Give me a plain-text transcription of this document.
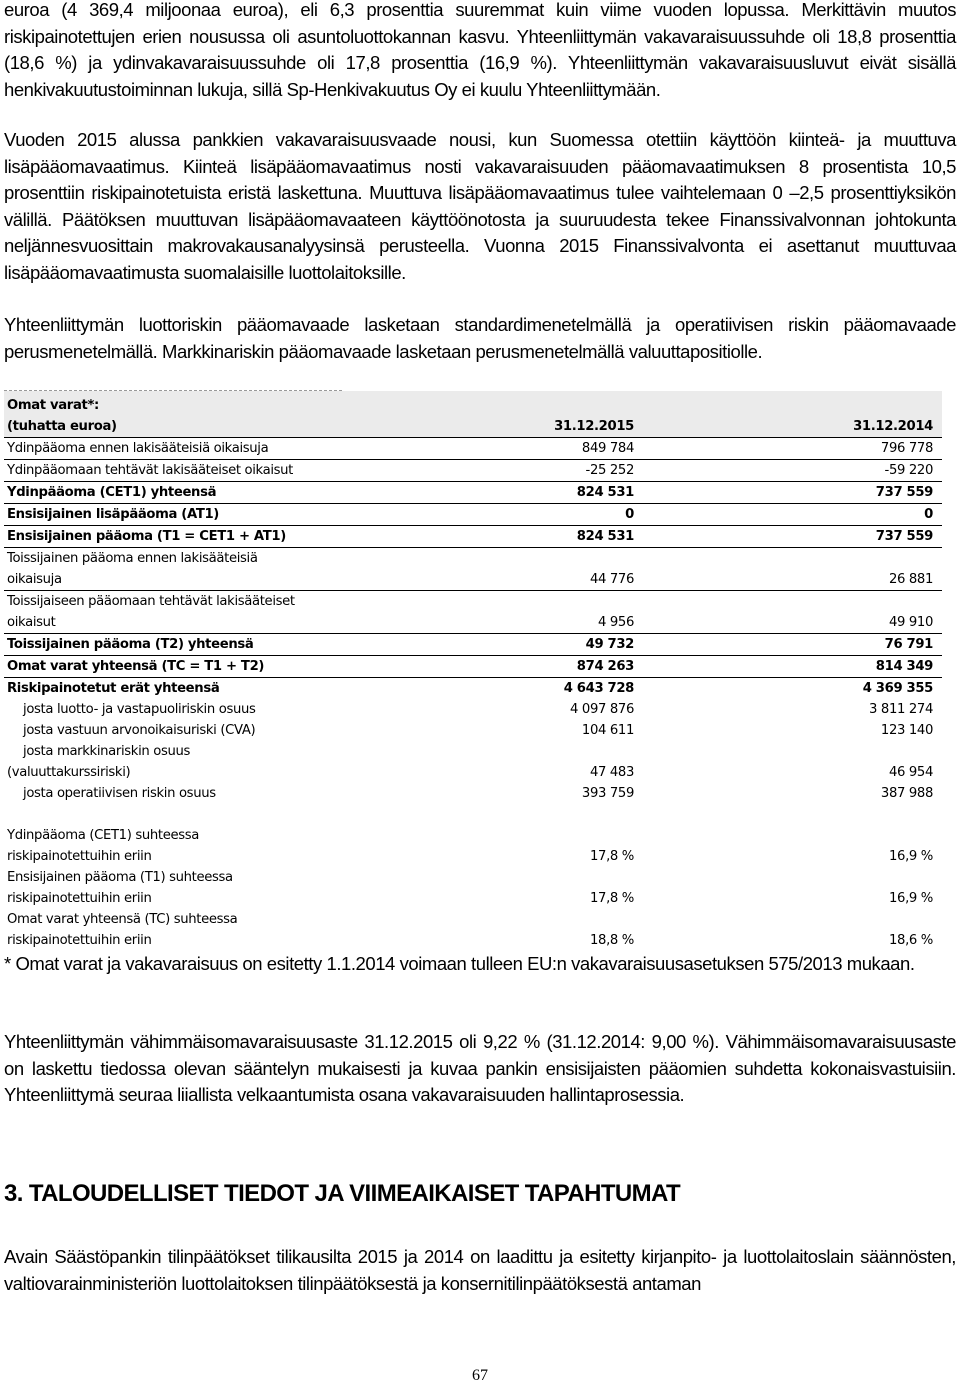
euroa (4 369,4 miljoonaa euroa), eli 6,3 prosenttia suuremmat kuin viime vuoden lopussa. Merkittävin muutos riskipainotettujen erien nousussa oli asuntoluottokannan kasvu. Yhteenliittymän vakavaraisuussuhde oli 18,8 prosenttia (18,6 %) ja ydinvakavaraisuussuhde oli 17,8 prosenttia (16,9 %). Yhteenliittymän vakavaraisuusluvut eivät sisällä henkivakuutustoiminnan lukuja, sillä Sp-Henkivakuutus Oy ei kuulu Yhteenliittymään.

Vuoden 2015 alussa pankkien vakavaraisuusvaade nousi, kun Suomessa otettiin käyttöön kiinteä- ja muuttuva lisäpääomavaatimus. Kiinteä lisäpääomavaatimus nosti vakavaraisuuden pääomavaatimuksen 8 prosentista 10,5 prosenttiin riskipainotetuista eristä laskettuna. Muuttuva lisäpääomavaatimus tulee vaihtelemaan 0 –2,5 prosenttiyksikön välillä. Päätöksen muuttuvan lisäpääomavaateen käyttöönotosta ja suuruudesta tekee Finanssivalvonnan johtokunta neljännesvuosittain makrovakausanalyysinsä perusteella. Vuonna 2015 Finanssivalvonta ei asettanut muuttuvaa lisäpääomavaatimusta suomalaisille luottolaitoksille.

Yhteenliittymän luottoriskin pääomavaade lasketaan standardimenetelmällä ja operatiivisen riskin pääomavaade perusmenetelmällä. Markkinariskin pääomavaade lasketaan perusmenetelmällä valuuttapositiolle.

Omat varat*:
(tuhatta euroa)	31.12.2015	31.12.2014
Ydinpääoma ennen lakisääteisiä oikaisuja	849 784	796 778
Ydinpääomaan tehtävät lakisääteiset oikaisut	-25 252	-59 220
Ydinpääoma (CET1) yhteensä	824 531	737 559
Ensisijainen lisäpääoma (AT1)	0	0
Ensisijainen pääoma (T1 = CET1 + AT1)	824 531	737 559
Toissijainen pääoma ennen lakisääteisiä
oikaisuja	44 776	26 881
Toissijaiseen pääomaan tehtävät lakisääteiset
oikaisut	4 956	49 910
Toissijainen pääoma (T2) yhteensä	49 732	76 791
Omat varat yhteensä (TC = T1 + T2)	874 263	814 349
Riskipainotetut erät yhteensä	4 643 728	4 369 355
josta luotto- ja vastapuoliriskin osuus	4 097 876	3 811 274
josta vastuun arvonoikaisuriski (CVA)	104 611	123 140
josta markkinariskin osuus
(valuuttakurssiriski)	47 483	46 954
josta operatiivisen riskin osuus	393 759	387 988
Ydinpääoma (CET1) suhteessa
riskipainotettuihin eriin	17,8 %	16,9 %
Ensisijainen pääoma (T1) suhteessa
riskipainotettuihin eriin	17,8 %	16,9 %
Omat varat yhteensä (TC) suhteessa
riskipainotettuihin eriin	18,8 %	18,6 %

* Omat varat ja vakavaraisuus on esitetty 1.1.2014 voimaan tulleen EU:n vakavaraisuusasetuksen 575/2013 mukaan.

Yhteenliittymän vähimmäisomavaraisuusaste 31.12.2015 oli 9,22 % (31.12.2014: 9,00 %). Vähimmäisomavaraisuusaste on laskettu tiedossa olevan sääntelyn mukaisesti ja kuvaa pankin ensisijaisten pääomien suhdetta kokonaisvastuisiin. Yhteenliittymä seuraa liiallista velkaantumista osana vakavaraisuuden hallintaprosessia.

3. TALOUDELLISET TIEDOT JA VIIMEAIKAISET TAPAHTUMAT

Avain Säästöpankin tilinpäätökset tilikausilta 2015 ja 2014 on laadittu ja esitetty kirjanpito- ja luottolaitoslain säännösten, valtiovarainministeriön luottolaitoksen tilinpäätöksestä ja konsernitilinpäätöksestä antaman

67
